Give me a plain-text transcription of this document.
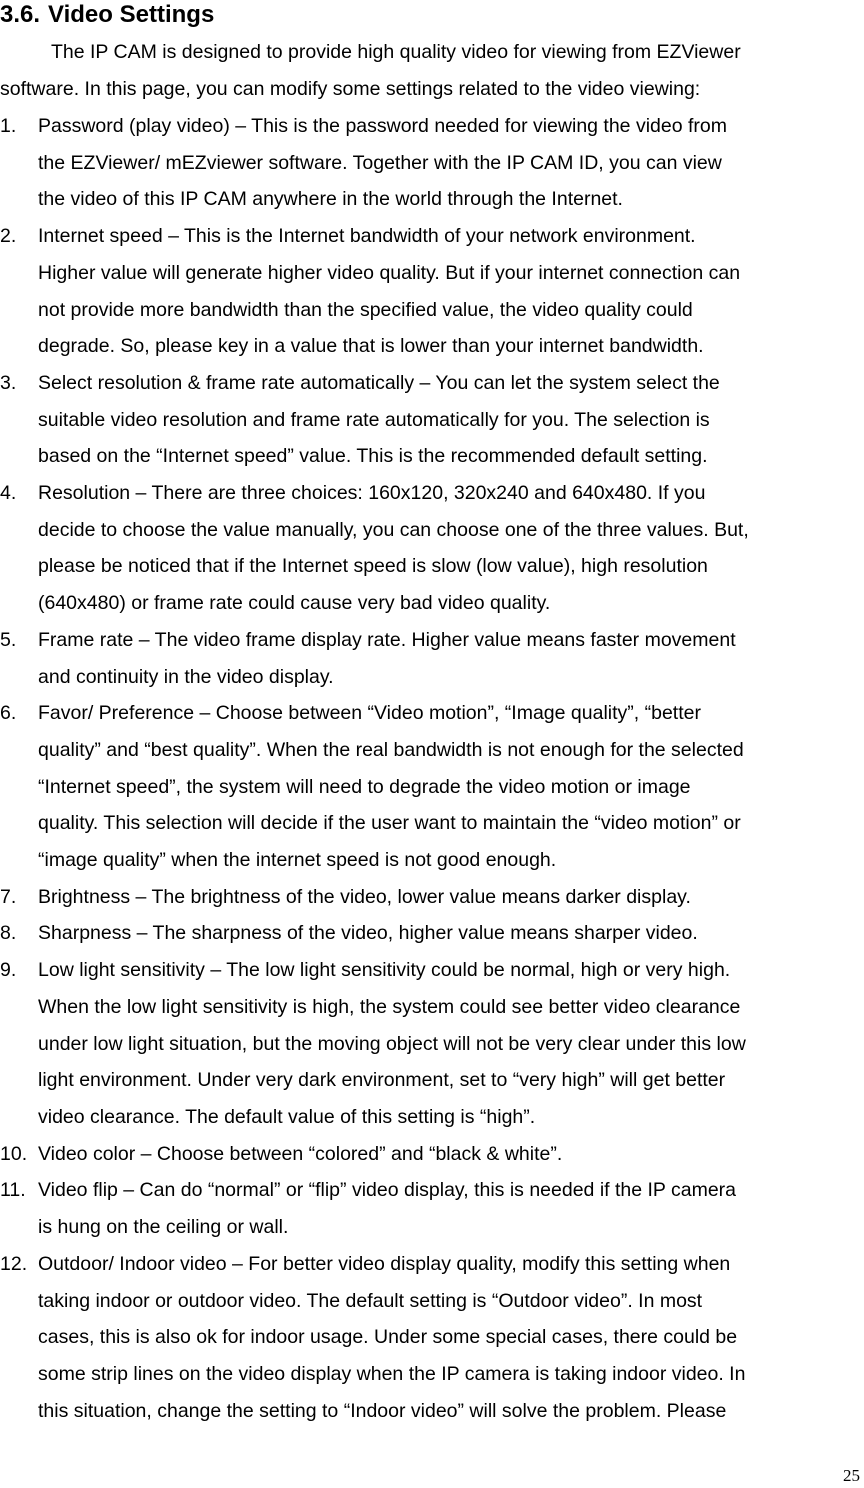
3.6. Video Settings
The IP CAM is designed to provide high quality video for viewing from EZViewer
software. In this page, you can modify some settings related to the video viewing:
1. Password (play video) – This is the password needed for viewing the video from
the EZViewer/ mEZviewer software. Together with the IP CAM ID, you can view
the video of this IP CAM anywhere in the world through the Internet.
2. Internet speed – This is the Internet bandwidth of your network environment.
Higher value will generate higher video quality. But if your internet connection can
not provide more bandwidth than the specified value, the video quality could
degrade. So, please key in a value that is lower than your internet bandwidth.
3. Select resolution & frame rate automatically – You can let the system select the
suitable video resolution and frame rate automatically for you. The selection is
based on the “Internet speed” value. This is the recommended default setting.
4. Resolution – There are three choices: 160x120, 320x240 and 640x480. If you
decide to choose the value manually, you can choose one of the three values. But,
please be noticed that if the Internet speed is slow (low value), high resolution
(640x480) or frame rate could cause very bad video quality.
5. Frame rate – The video frame display rate. Higher value means faster movement
and continuity in the video display.
6. Favor/ Preference – Choose between “Video motion”, “Image quality”, “better
quality” and “best quality”. When the real bandwidth is not enough for the selected
“Internet speed”, the system will need to degrade the video motion or image
quality. This selection will decide if the user want to maintain the “video motion” or
“image quality” when the internet speed is not good enough.
7. Brightness – The brightness of the video, lower value means darker display.
8. Sharpness – The sharpness of the video, higher value means sharper video.
9. Low light sensitivity – The low light sensitivity could be normal, high or very high.
When the low light sensitivity is high, the system could see better video clearance
under low light situation, but the moving object will not be very clear under this low
light environment. Under very dark environment, set to “very high” will get better
video clearance. The default value of this setting is “high”.
10. Video color – Choose between “colored” and “black & white”.
11. Video flip – Can do “normal” or “flip” video display, this is needed if the IP camera
is hung on the ceiling or wall.
12. Outdoor/ Indoor video – For better video display quality, modify this setting when
taking indoor or outdoor video. The default setting is “Outdoor video”. In most
cases, this is also ok for indoor usage. Under some special cases, there could be
some strip lines on the video display when the IP camera is taking indoor video. In
this situation, change the setting to “Indoor video” will solve the problem. Please
25
